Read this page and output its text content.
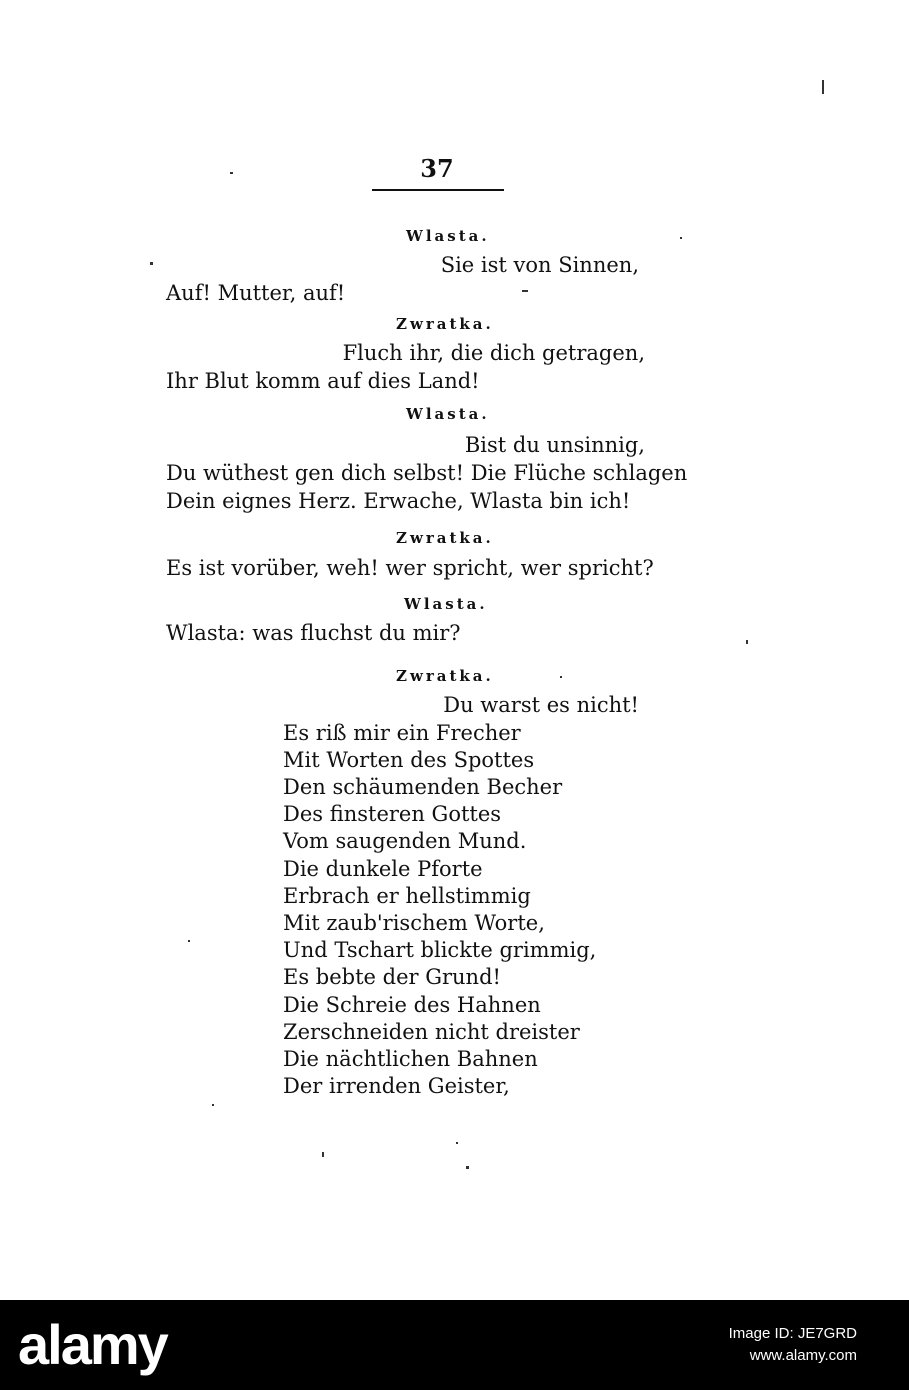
37
Wlasta.
Sie ist von Sinnen,
Auf! Mutter, auf!
Zwratka.
Fluch ihr, die dich getragen,
Ihr Blut komm auf dies Land!
Wlasta.
Bist du unsinnig,
Du wüthest gen dich selbst! Die Flüche schlagen
Dein eignes Herz. Erwache, Wlasta bin ich!
Zwratka.
Es ist vorüber, weh! wer spricht, wer spricht?
Wlasta.
Wlasta: was fluchst du mir?
Zwratka.
Du warst es nicht!
Es riß mir ein Frecher
Mit Worten des Spottes
Den schäumenden Becher
Des finsteren Gottes
Vom saugenden Mund.
Die dunkele Pforte
Erbrach er hellstimmig
Mit zaub'rischem Worte,
Und Tschart blickte grimmig,
Es bebte der Grund!
Die Schreie des Hahnen
Zerschneiden nicht dreister
Die nächtlichen Bahnen
Der irrenden Geister,
alamy	Image ID: JE7GRD
www.alamy.com
